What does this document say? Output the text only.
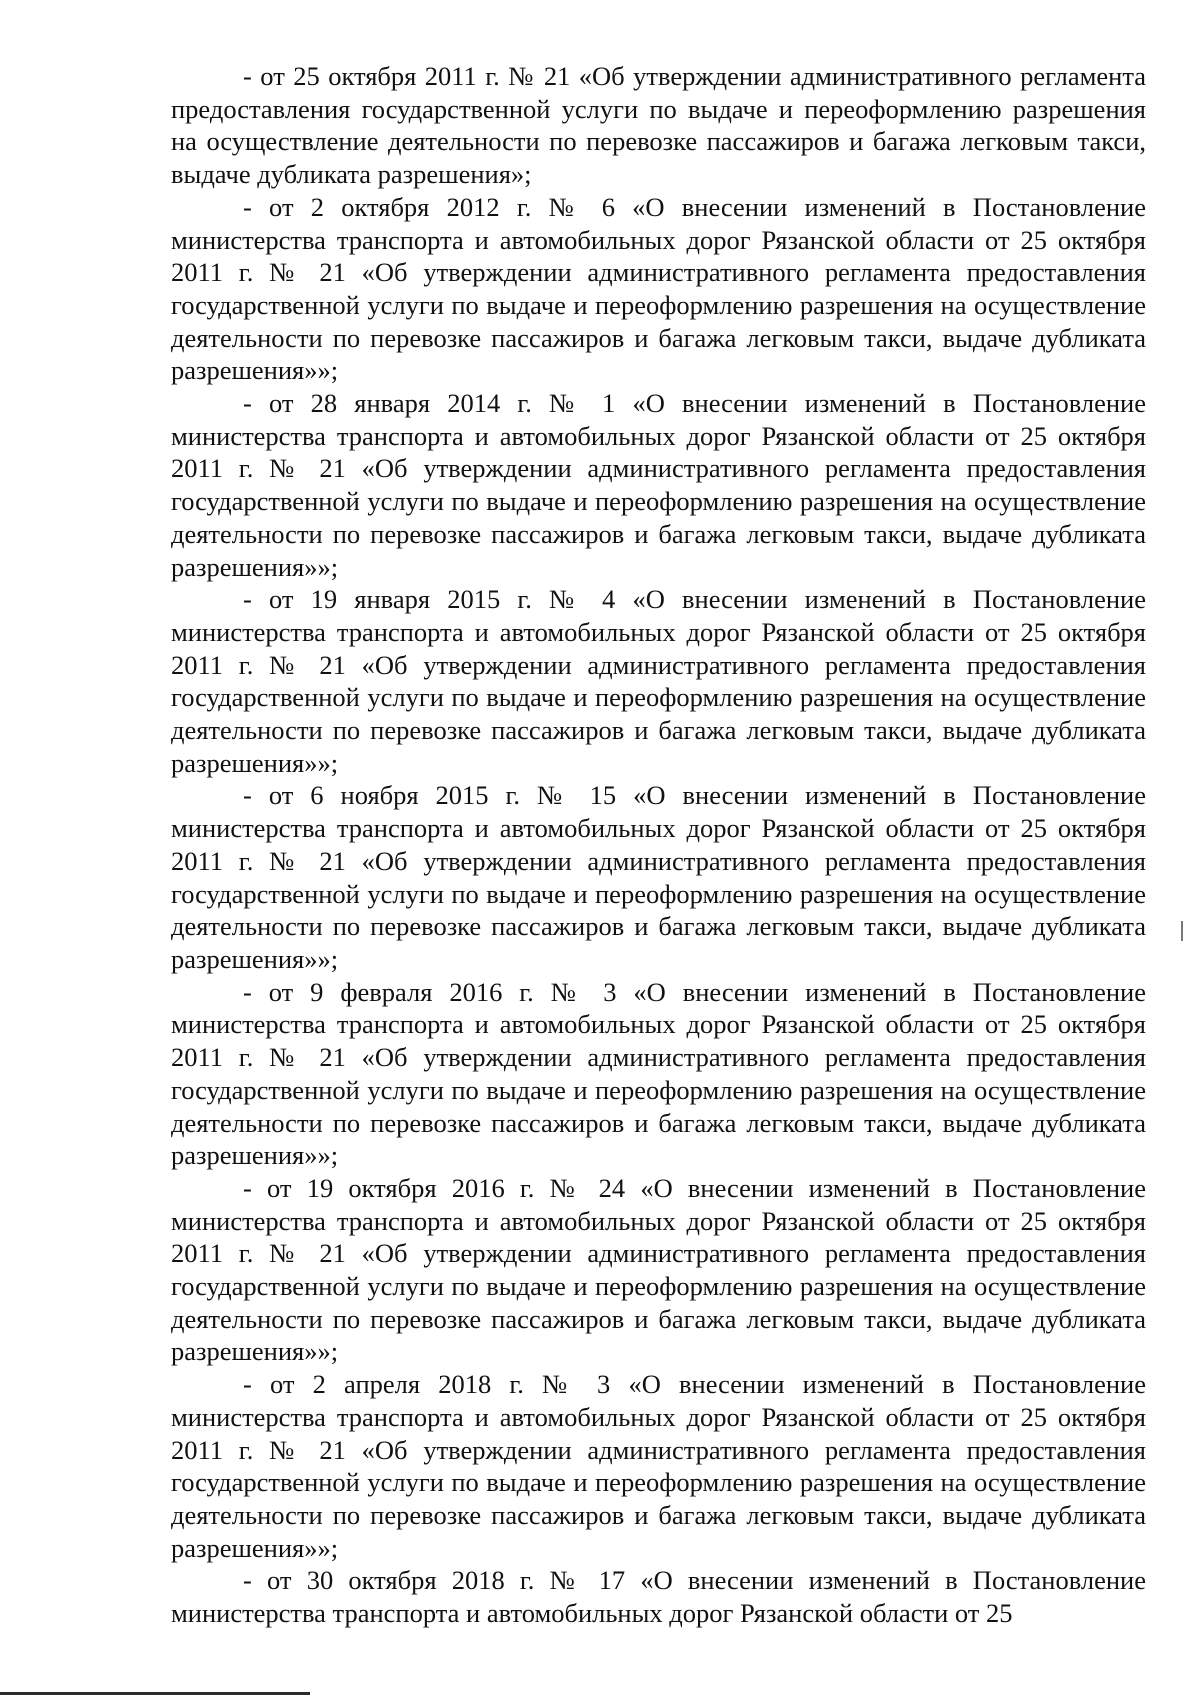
- от 25 октября 2011 г. № 21 «Об утверждении административного регламента предоставления государственной услуги по выдаче и переоформлению разрешения на осуществление деятельности по перевозке пассажиров и багажа легковым такси, выдаче дубликата разрешения»;

- от 2 октября 2012 г. № 6 «О внесении изменений в Постановление министерства транспорта и автомобильных дорог Рязанской области от 25 октября 2011 г. № 21 «Об утверждении административного регламента предоставления государственной услуги по выдаче и переоформлению разрешения на осуществление деятельности по перевозке пассажиров и багажа легковым такси, выдаче дубликата разрешения»»;

- от 28 января 2014 г. № 1 «О внесении изменений в Постановление министерства транспорта и автомобильных дорог Рязанской области от 25 октября 2011 г. № 21 «Об утверждении административного регламента предоставления государственной услуги по выдаче и переоформлению разрешения на осуществление деятельности по перевозке пассажиров и багажа легковым такси, выдаче дубликата разрешения»»;

- от 19 января 2015 г. № 4 «О внесении изменений в Постановление министерства транспорта и автомобильных дорог Рязанской области от 25 октября 2011 г. № 21 «Об утверждении административного регламента предоставления государственной услуги по выдаче и переоформлению разрешения на осуществление деятельности по перевозке пассажиров и багажа легковым такси, выдаче дубликата разрешения»»;

- от 6 ноября 2015 г. № 15 «О внесении изменений в Постановление министерства транспорта и автомобильных дорог Рязанской области от 25 октября 2011 г. № 21 «Об утверждении административного регламента предоставления государственной услуги по выдаче и переоформлению разрешения на осуществление деятельности по перевозке пассажиров и багажа легковым такси, выдаче дубликата разрешения»»;

- от 9 февраля 2016 г. № 3 «О внесении изменений в Постановление министерства транспорта и автомобильных дорог Рязанской области от 25 октября 2011 г. № 21 «Об утверждении административного регламента предоставления государственной услуги по выдаче и переоформлению разрешения на осуществление деятельности по перевозке пассажиров и багажа легковым такси, выдаче дубликата разрешения»»;

- от 19 октября 2016 г. № 24 «О внесении изменений в Постановление министерства транспорта и автомобильных дорог Рязанской области от 25 октября 2011 г. № 21 «Об утверждении административного регламента предоставления государственной услуги по выдаче и переоформлению разрешения на осуществление деятельности по перевозке пассажиров и багажа легковым такси, выдаче дубликата разрешения»»;

- от 2 апреля 2018 г. № 3 «О внесении изменений в Постановление министерства транспорта и автомобильных дорог Рязанской области от 25 октября 2011 г. № 21 «Об утверждении административного регламента предоставления государственной услуги по выдаче и переоформлению разрешения на осуществление деятельности по перевозке пассажиров и багажа легковым такси, выдаче дубликата разрешения»»;

- от 30 октября 2018 г. № 17 «О внесении изменений в Постановление министерства транспорта и автомобильных дорог Рязанской области от 25
